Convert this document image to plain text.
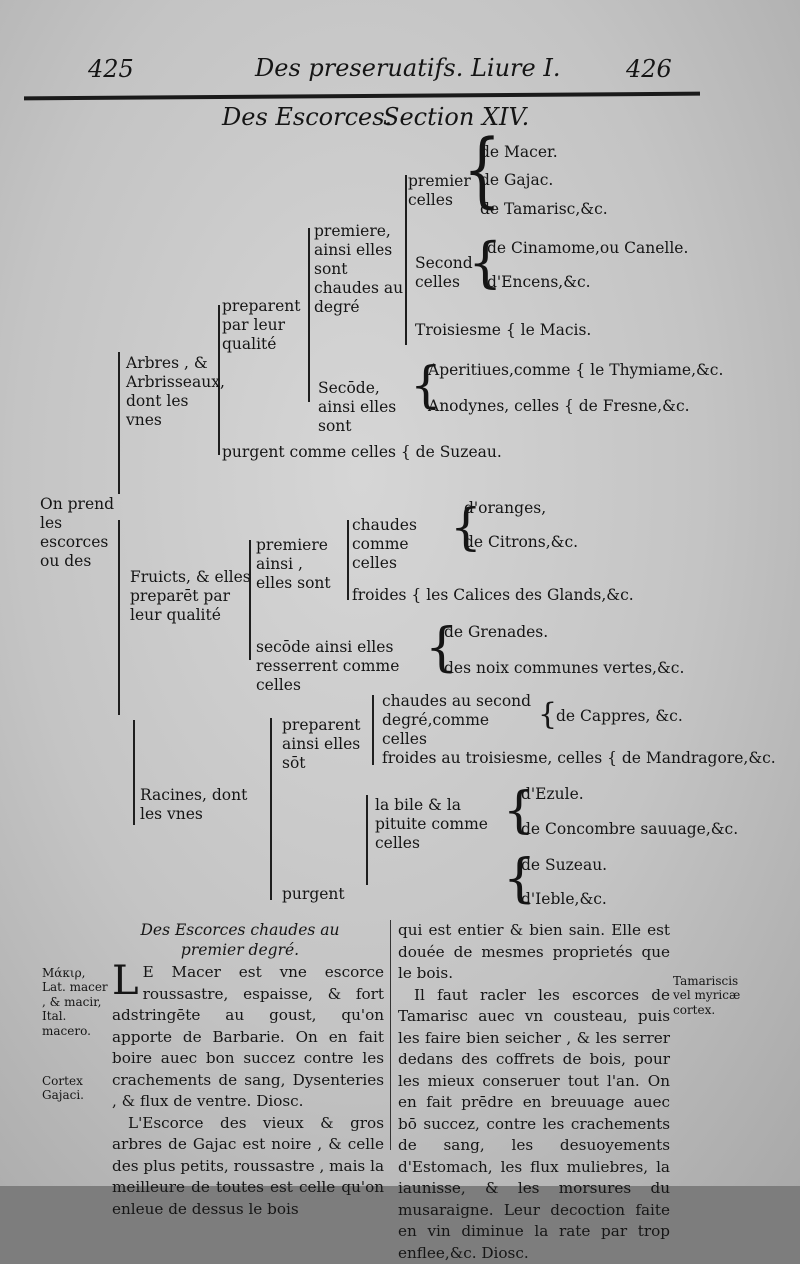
425	Des preseruatifs. Liure I.	426
Des Escorces.
Section XIV.
{
{
{
{
{
{
{
{
On prend les escorces ou des
Arbres , & Arbrisseaux, dont les vnes
preparent par leur qualité
premiere, ainsi elles sont chaudes au degré
premier celles
de Macer.
de Gajac.
de Tamarisc,&c.
Second celles
de Cinamome,ou Canelle.
d'Encens,&c.
Troisiesme { le Macis.
Secōde, ainsi elles sont
Aperitiues,comme { le Thymiame,&c.
Anodynes, celles { de Fresne,&c.
purgent comme celles { de Suzeau.
Fruicts, & elles preparēt par leur qualité
premiere ainsi , elles sont
chaudes comme celles
d'oranges,
de Citrons,&c.
froides { les Calices des Glands,&c.
secōde ainsi elles resserrent comme celles
de Grenades.
des noix communes vertes,&c.
Racines, dont les vnes
preparent ainsi elles sōt
chaudes au second degré,comme celles
de Cappres, &c.
froides au troisiesme, celles { de Mandragore,&c.
purgent
la bile & la pituite comme celles
d'Ezule.
de Concombre sauuage,&c.
de Suzeau.
d'Ieble,&c.
Des Escorces chaudes au premier degré.
Μάκιρ, Lat. macer , & macir, Ital. macero.
Cortex Gajaci.
Tamariscis vel myricæ cortex.

L E Macer est vne escorce roussastre, espaisse, & fort adstringēte au goust, qu'on apporte de Barbarie. On en fait boire auec bon succez contre les crachements de sang, Dysenteries , & flux de ventre. Diosc.

L'Escorce des vieux & gros arbres de Gajac est noire , & celle des plus petits, roussastre , mais la meilleure de toutes est celle qu'on enleue de dessus le bois

qui est entier & bien sain. Elle est douée de mesmes proprietés que le bois.

Il faut racler les escorces de Tamarisc auec vn cousteau, puis les faire bien seicher , & les serrer dedans des coffrets de bois, pour les mieux conseruer tout l'an. On en fait prēdre en breuuage auec bō succez, contre les crachements de sang, les desuoyements d'Estomach, les flux muliebres, la iaunisse, & les morsures du musaraigne. Leur decoction faite en vin diminue la rate par trop enflee,&c. Diosc.
